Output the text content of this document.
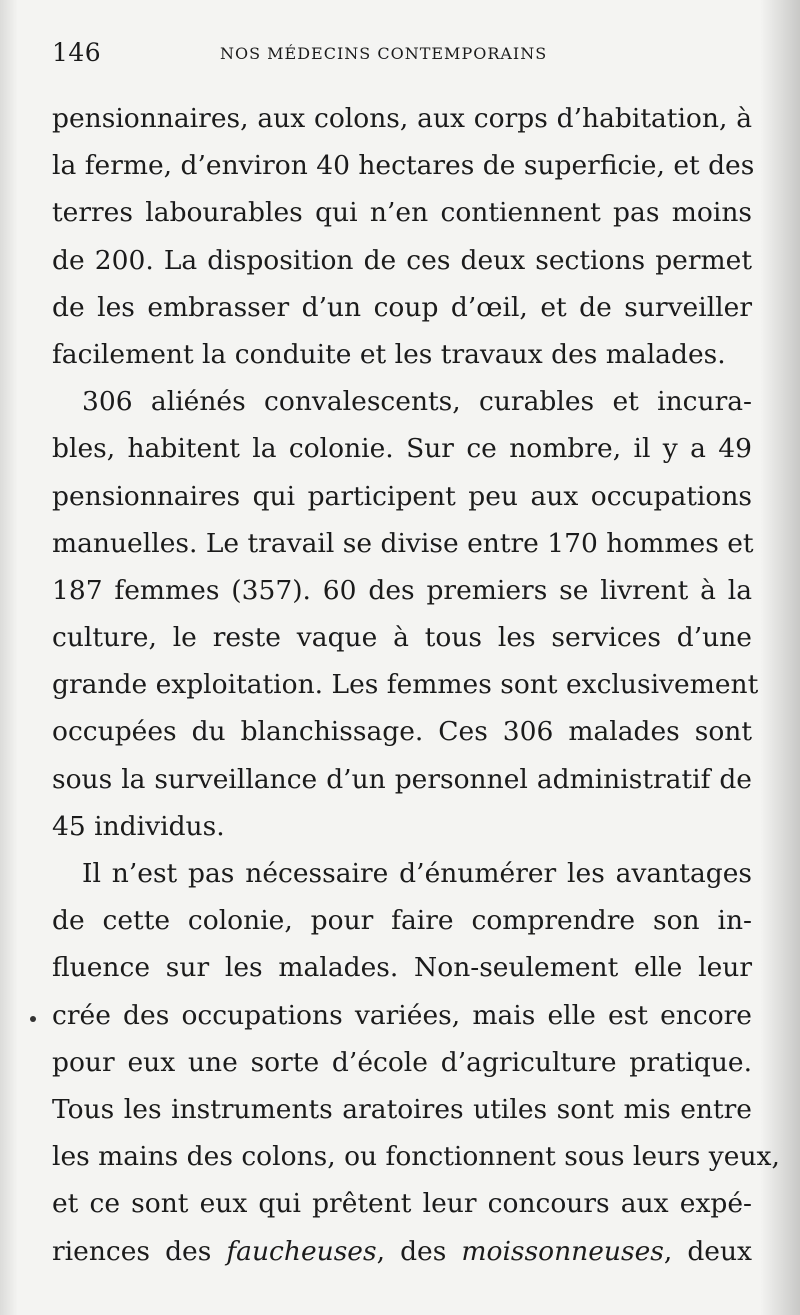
146	NOS MÉDECINS CONTEMPORAINS
pensionnaires, aux colons, aux corps d’habitation, à
la ferme, d’environ 40 hectares de superficie, et des
terres labourables qui n’en contiennent pas moins
de 200. La disposition de ces deux sections permet
de les embrasser d’un coup d’œil, et de surveiller
facilement la conduite et les travaux des malades.
306 aliénés convalescents, curables et incura-
bles, habitent la colonie. Sur ce nombre, il y a 49
pensionnaires qui participent peu aux occupations
manuelles. Le travail se divise entre 170 hommes et
187 femmes (357). 60 des premiers se livrent à la
culture, le reste vaque à tous les services d’une
grande exploitation. Les femmes sont exclusivement
occupées du blanchissage. Ces 306 malades sont
sous la surveillance d’un personnel administratif de
45 individus.
Il n’est pas nécessaire d’énumérer les avantages
de cette colonie, pour faire comprendre son in-
fluence sur les malades. Non-seulement elle leur
crée des occupations variées, mais elle est encore
pour eux une sorte d’école d’agriculture pratique.
Tous les instruments aratoires utiles sont mis entre
les mains des colons, ou fonctionnent sous leurs yeux,
et ce sont eux qui prêtent leur concours aux expé-
riences des faucheuses, des moissonneuses, deux
